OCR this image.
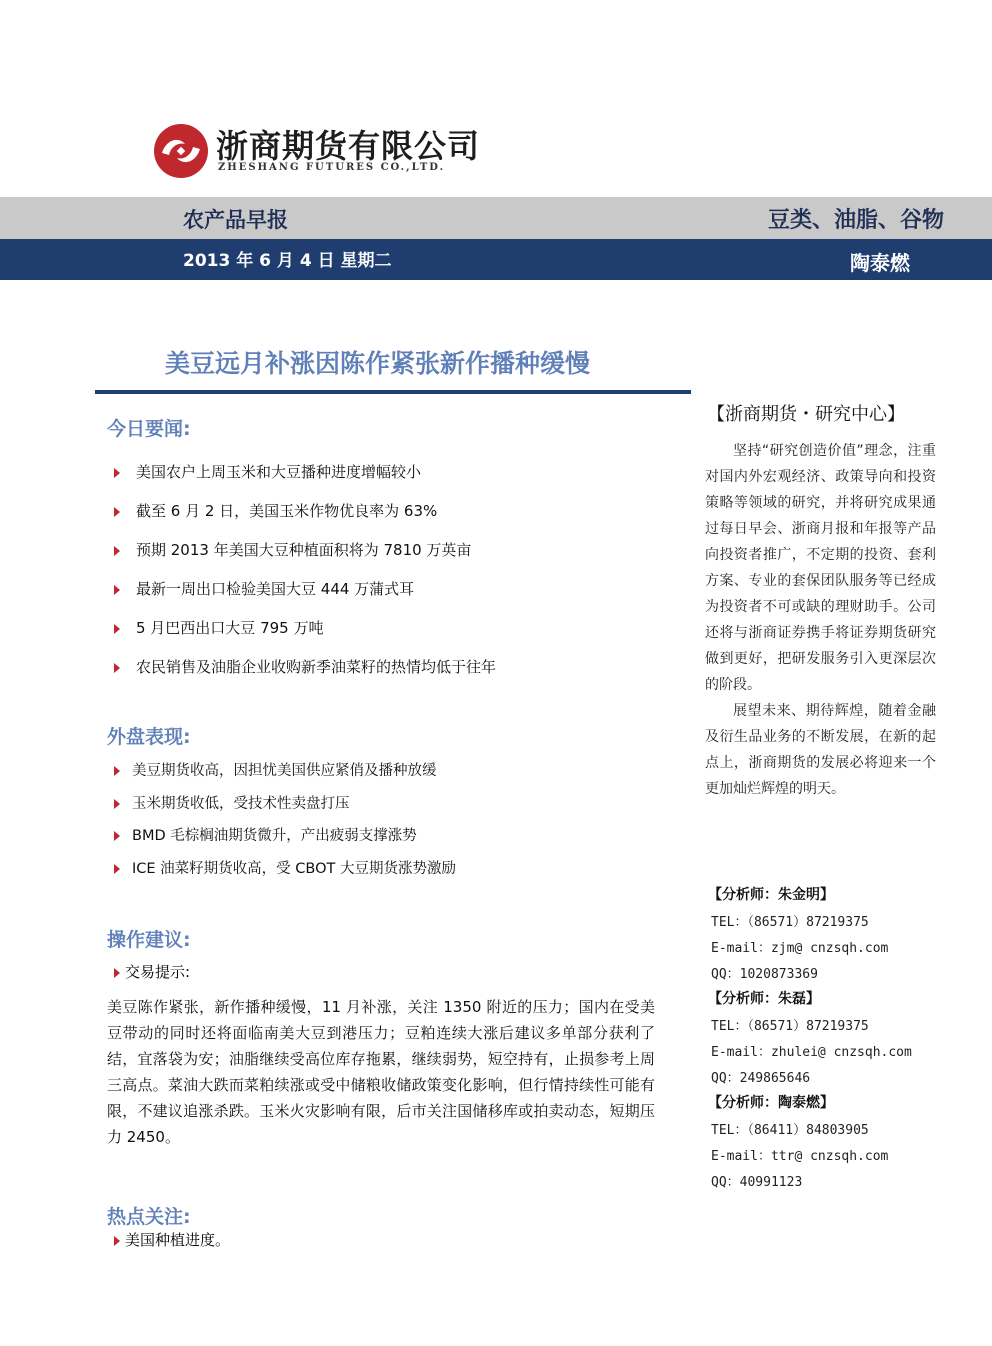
浙商期货有限公司
ZHESHANG FUTURES CO.,LTD.
农产品早报	豆类、油脂、谷物
2013 年 6 月 4 日 星期二	陶泰燃
美豆远月补涨因陈作紧张新作播种缓慢
今日要闻:
美国农户上周玉米和大豆播种进度增幅较小
截至 6 月 2 日，美国玉米作物优良率为 63%
预期 2013 年美国大豆种植面积将为 7810 万英亩
最新一周出口检验美国大豆 444 万蒲式耳
5 月巴西出口大豆 795 万吨
农民销售及油脂企业收购新季油菜籽的热情均低于往年
外盘表现:
美豆期货收高，因担忧美国供应紧俏及播种放缓
玉米期货收低，受技术性卖盘打压
BMD 毛棕榈油期货微升，产出疲弱支撑涨势
ICE 油菜籽期货收高，受 CBOT 大豆期货涨势激励
操作建议:
交易提示:

美豆陈作紧张，新作播种缓慢，11 月补涨，关注 1350 附近的压力；国内在受美豆带动的同时还将面临南美大豆到港压力；豆粕连续大涨后建议多单部分获利了结，宜落袋为安；油脂继续受高位库存拖累，继续弱势，短空持有，止损参考上周三高点。菜油大跌而菜粕续涨或受中储粮收储政策变化影响，但行情持续性可能有限，不建议追涨杀跌。玉米火灾影响有限，后市关注国储移库或拍卖动态，短期压力 2450。

热点关注:
美国种植进度。
【浙商期货・研究中心】

坚持“研究创造价值”理念，注重对国内外宏观经济、政策导向和投资策略等领域的研究，并将研究成果通过每日早会、浙商月报和年报等产品向投资者推广，不定期的投资、套利方案、专业的套保团队服务等已经成为投资者不可或缺的理财助手。公司还将与浙商证券携手将证券期货研究做到更好，把研发服务引入更深层次的阶段。

展望未来、期待辉煌，随着金融及衍生品业务的不断发展，在新的起点上，浙商期货的发展必将迎来一个更加灿烂辉煌的明天。

【分析师：朱金明】
TEL：（86571）87219375
E-mail：zjm@ cnzsqh.com
QQ：1020873369
【分析师：朱磊】
TEL：（86571）87219375
E-mail：zhulei@ cnzsqh.com
QQ：249865646
【分析师：陶泰燃】
TEL：（86411）84803905
E-mail：ttr@ cnzsqh.com
QQ：40991123
